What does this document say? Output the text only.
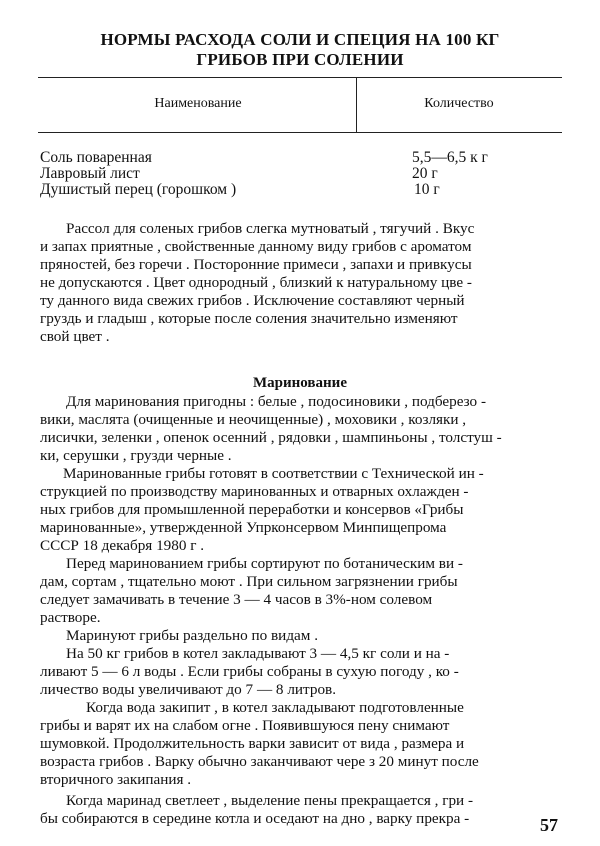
НОРМЫ РАСХОДА СОЛИ И СПЕЦИЯ НА 100 КГ
ГРИБОВ ПРИ СОЛЕНИИ
Наименование	Количество
Соль поваренная	5,5—6,5 к г
Лавровый лист	20 г
Душистый перец (горошком )	10 г
Рассол для соленых грибов слегка мутноватый , тягучий . Вкус
и запах приятные , свойственные данному виду грибов с ароматом
пряностей, без горечи . Посторонние примеси , запахи и привкусы
не допускаются . Цвет однородный , близкий к натуральному цве -
ту данного вида свежих грибов . Исключение составляют черный
груздь и гладыш , которые после соления значительно изменяют
свой цвет .
Маринование
Для маринования пригодны : белые , подосиновики , подберезо -
вики, маслята (очищенные и неочищенные) , моховики , козляки ,
лисички, зеленки , опенок осенний , рядовки , шампиньоны , толстуш -
ки, серушки , грузди черные .
Маринованные грибы готовят в соответствии с Технической ин -
струкцией по производству маринованных и отварных охлажден -
ных грибов для промышленной переработки и консервов «Грибы
маринованные», утвержденной Упрконсервом Минпищепрома
СССР 18 декабря 1980 г .
Перед маринованием грибы сортируют по ботаническим ви -
дам, сортам , тщательно моют . При сильном загрязнении грибы
следует замачивать в течение 3 — 4 часов в 3%-ном солевом
растворе.
Маринуют грибы раздельно по видам .
На 50 кг грибов в котел закладывают 3 — 4,5 кг соли и на -
ливают 5 — 6 л воды . Если грибы собраны в сухую погоду , ко -
личество воды увеличивают до 7 — 8 литров.
Когда вода закипит , в котел закладывают подготовленные
грибы и варят их на слабом огне . Появившуюся пену снимают
шумовкой. Продолжительность варки зависит от вида , размера и
возраста грибов . Варку обычно заканчивают чере з 20 минут после
вторичного закипания .
Когда маринад светлеет , выделение пены прекращается , гри -
бы собираются в середине котла и оседают на дно , варку прекра -	57
